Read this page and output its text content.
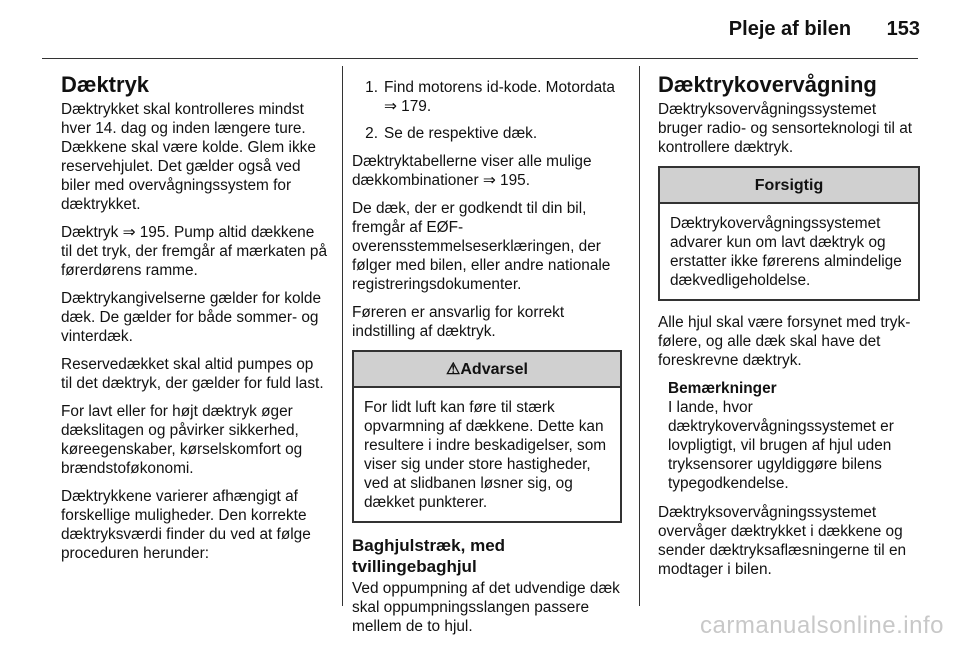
Pleje af bilen 153
Dæktryk

Dæktrykket skal kontrolleres mindst hver 14. dag og inden længere ture. Dækkene skal være kolde. Glem ikke reservehjulet. Det gælder også ved biler med overvågningssystem for dæktrykket.

Dæktryk ⇒ 195. Pump altid dækkene til det tryk, der fremgår af mærkaten på førerdørens ramme.

Dæktrykangivelserne gælder for kolde dæk. De gælder for både sommer- og vinterdæk.

Reservedækket skal altid pumpes op til det dæktryk, der gælder for fuld last.

For lavt eller for højt dæktryk øger dækslitagen og påvirker sikkerhed, køreegenskaber, kørselskomfort og brændstoføkonomi.

Dæktrykkene varierer afhængigt af forskellige muligheder. Den korrekte dæktryksværdi finder du ved at følge proceduren herunder:

1. Find motorens id-kode. Motordata ⇒ 179.
2. Se de respektive dæk.

Dæktryktabellerne viser alle mulige dækkombinationer ⇒ 195.

De dæk, der er godkendt til din bil, fremgår af EØF-overensstemmelseserklæringen, der følger med bilen, eller andre nationale registreringsdokumenter.

Føreren er ansvarlig for korrekt indstilling af dæktryk.

⚠Advarsel
For lidt luft kan føre til stærk opvarmning af dækkene. Dette kan resultere i indre beskadigelser, som viser sig under store hastigheder, ved at slidbanen løsner sig, og dækket punkterer.
Baghjulstræk, med tvillingebaghjul

Ved oppumpning af det udvendige dæk skal oppumpningsslangen passere mellem de to hjul.

Dæktrykovervågning

Dæktryksovervågningssystemet bruger radio- og sensorteknologi til at kontrollere dæktryk.

Forsigtig
Dæktrykovervågningssystemet advarer kun om lavt dæktryk og erstatter ikke førerens almindelige dækvedligeholdelse.

Alle hjul skal være forsynet med tryk-følere, og alle dæk skal have det foreskrevne dæktryk.

Bemærkninger
I lande, hvor dæktrykovervågningssystemet er lovpligtigt, vil brugen af hjul uden tryksensorer ugyldiggøre bilens typegodkendelse.

Dæktryksovervågningssystemet overvåger dæktrykket i dækkene og sender dæktryksaflæsningerne til en modtager i bilen.

carmanualsonline.info
